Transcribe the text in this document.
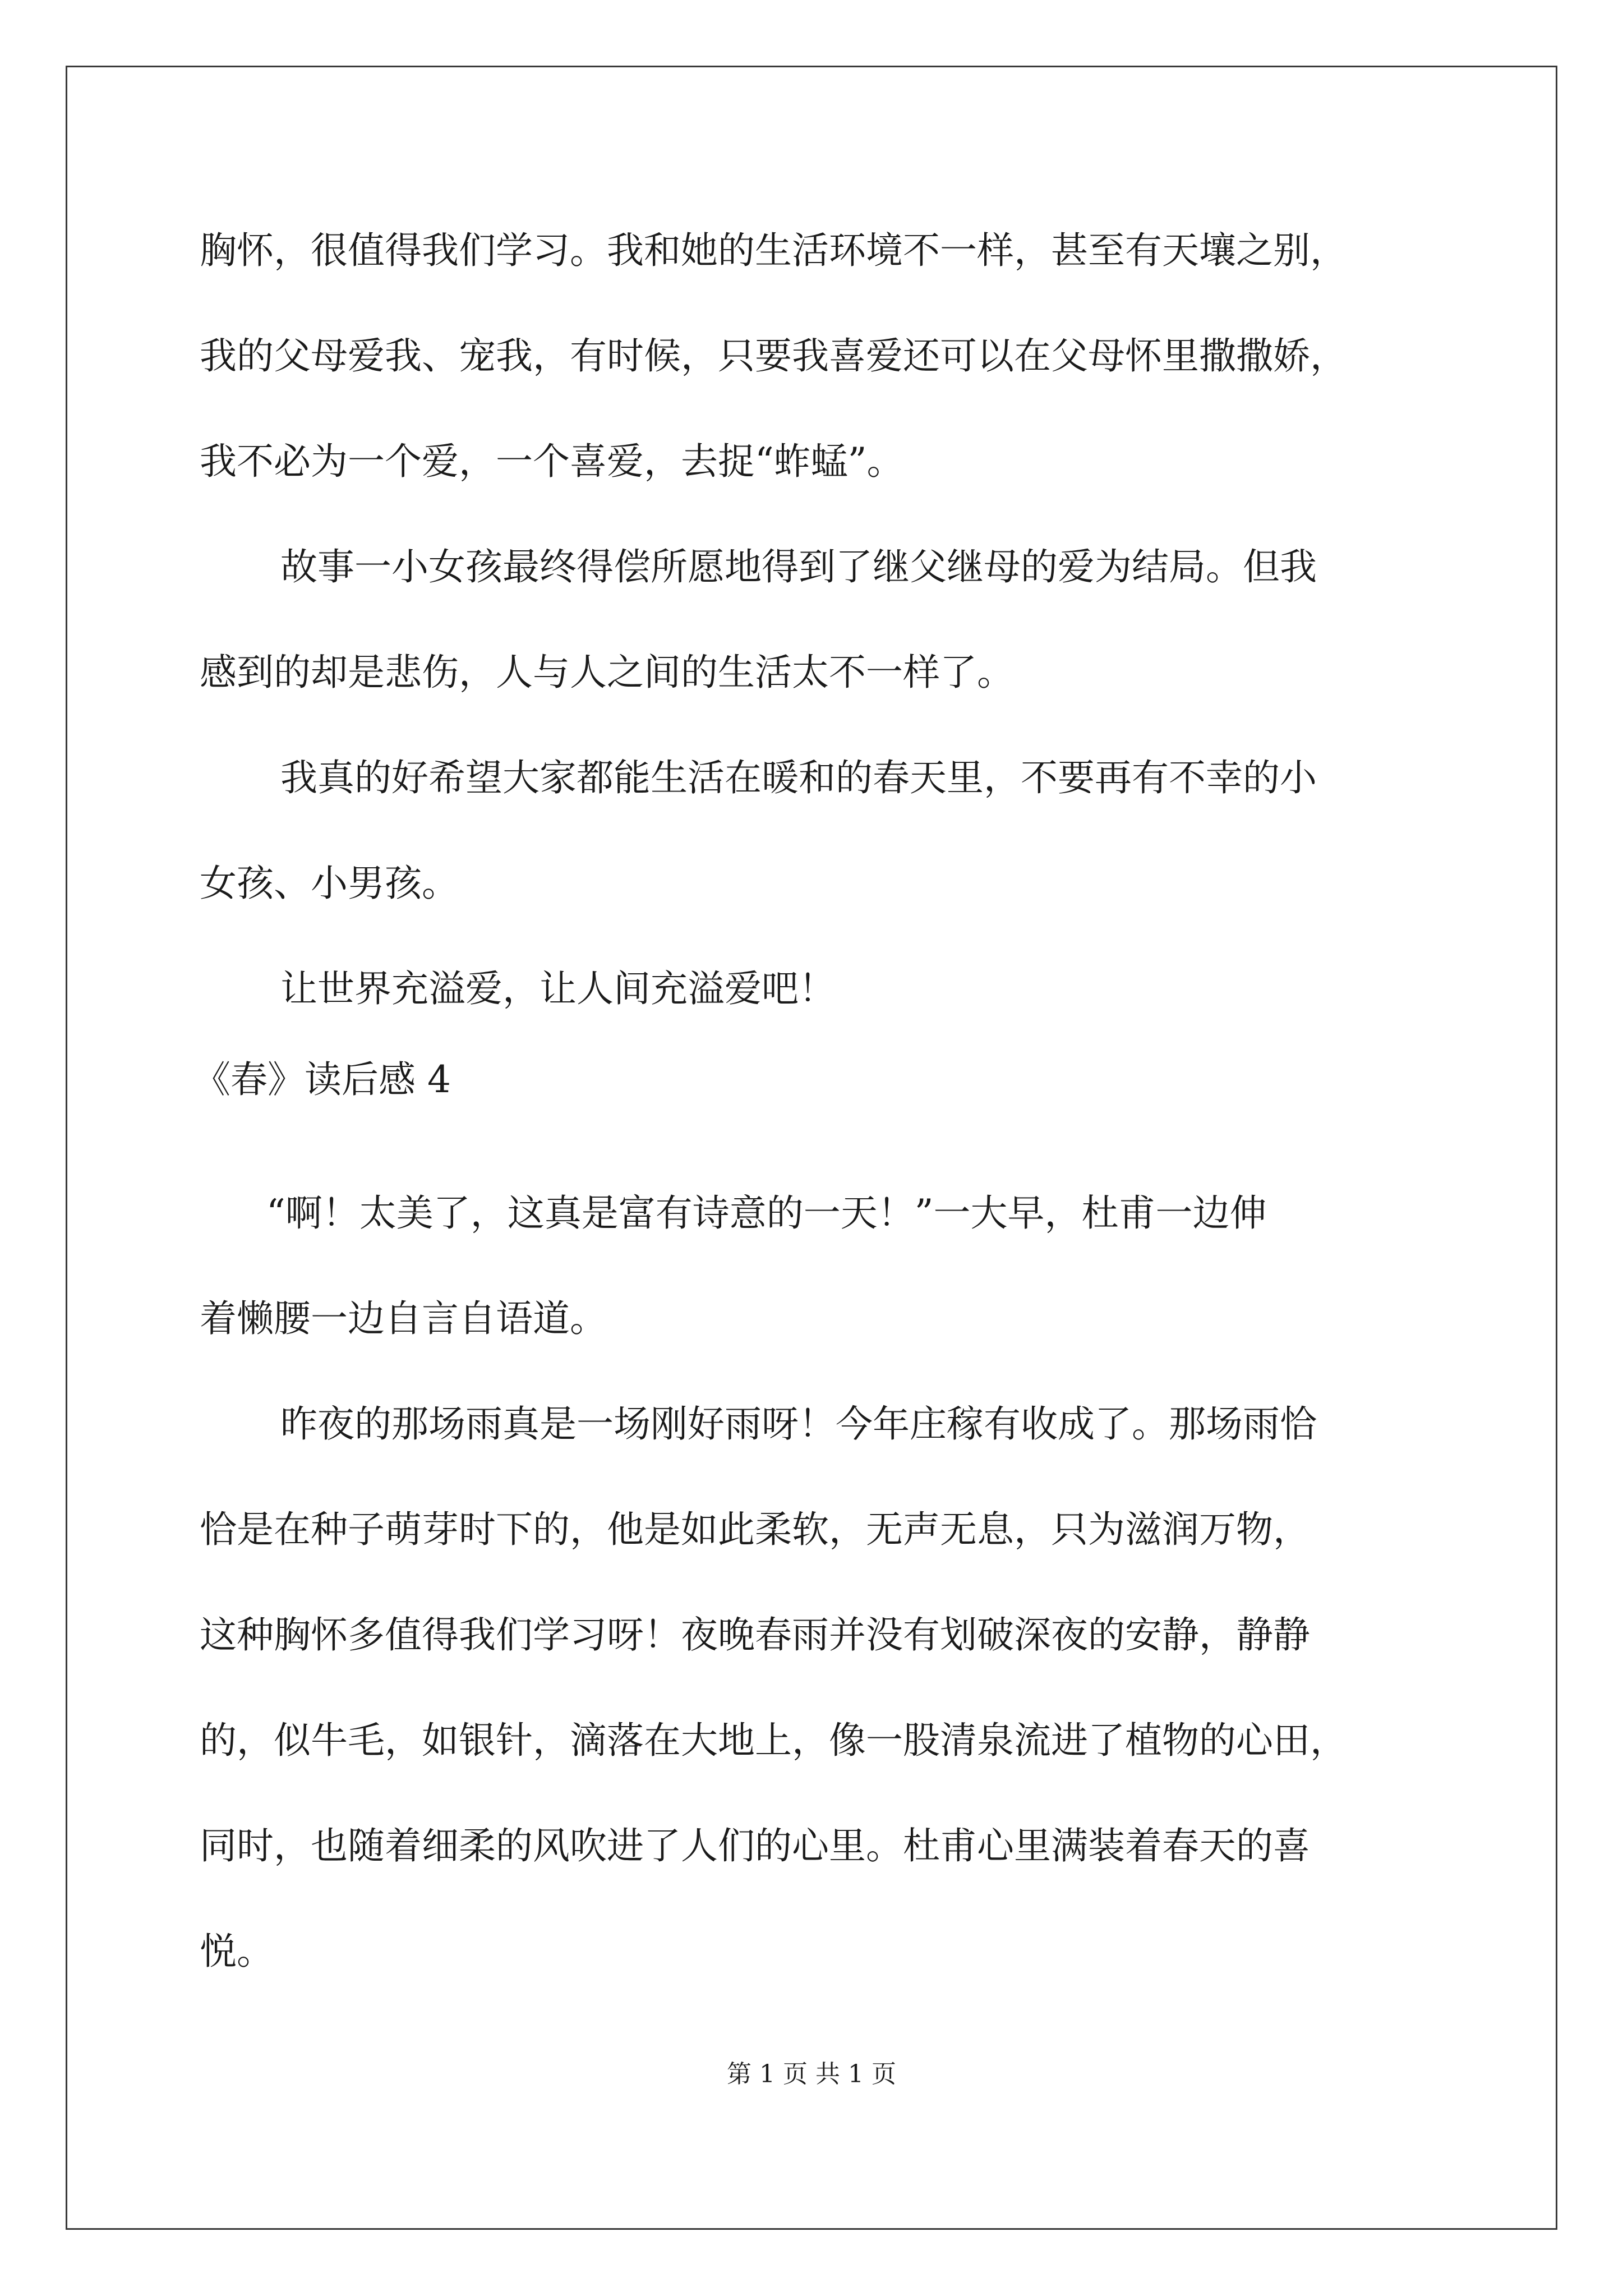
胸怀，很值得我们学习。我和她的生活环境不一样，甚至有天壤之别，
我的父母爱我、宠我，有时候，只要我喜爱还可以在父母怀里撒撒娇，
我不必为一个爱，一个喜爱，去捉“蚱蜢”。
故事一小女孩最终得偿所愿地得到了继父继母的爱为结局。但我
感到的却是悲伤，人与人之间的生活太不一样了。
我真的好希望大家都能生活在暖和的春天里，不要再有不幸的小
女孩、小男孩。
让世界充溢爱，让人间充溢爱吧！
《春》读后感 4
“啊！太美了，这真是富有诗意的一天！”一大早，杜甫一边伸
着懒腰一边自言自语道。
昨夜的那场雨真是一场刚好雨呀！今年庄稼有收成了。那场雨恰
恰是在种子萌芽时下的，他是如此柔软，无声无息，只为滋润万物，
这种胸怀多值得我们学习呀！夜晚春雨并没有划破深夜的安静，静静
的，似牛毛，如银针，滴落在大地上，像一股清泉流进了植物的心田，
同时，也随着细柔的风吹进了人们的心里。杜甫心里满装着春天的喜
悦。
第 1 页 共 1 页
